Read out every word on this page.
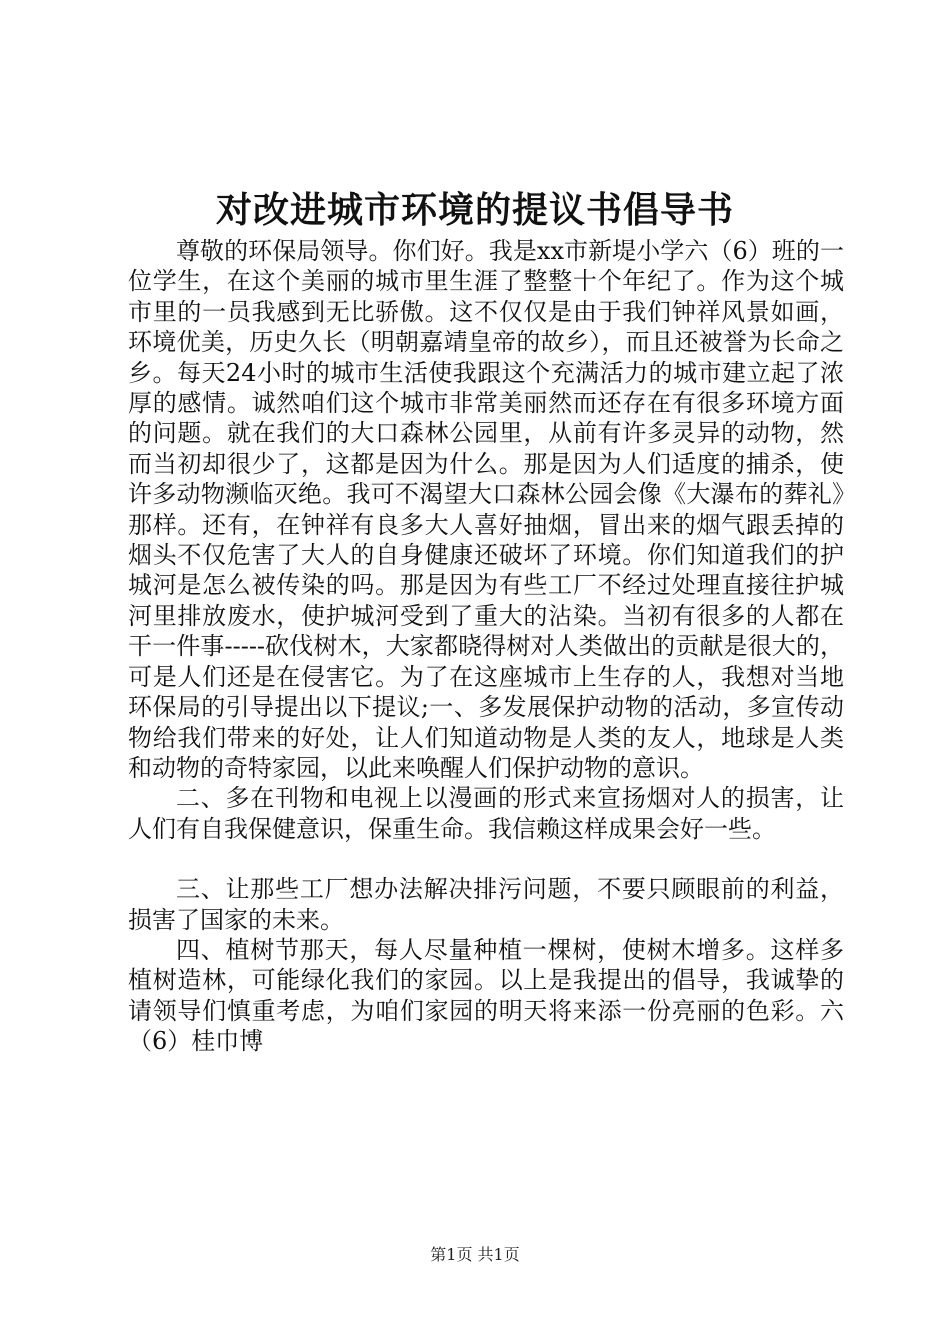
对改进城市环境的提议书倡导书

尊敬的环保局领导。你们好。我是xx市新堤小学六（6）班的一位学生，在这个美丽的城市里生涯了整整十个年纪了。作为这个城市里的一员我感到无比骄傲。这不仅仅是由于我们钟祥风景如画，环境优美，历史久长（明朝嘉靖皇帝的故乡），而且还被誉为长命之乡。每天24小时的城市生活使我跟这个充满活力的城市建立起了浓厚的感情。诚然咱们这个城市非常美丽然而还存在有很多环境方面的问题。就在我们的大口森林公园里，从前有许多灵异的动物，然而当初却很少了，这都是因为什么。那是因为人们适度的捕杀，使许多动物濒临灭绝。我可不渴望大口森林公园会像《大瀑布的葬礼》那样。还有，在钟祥有良多大人喜好抽烟，冒出来的烟气跟丢掉的烟头不仅危害了大人的自身健康还破坏了环境。你们知道我们的护城河是怎么被传染的吗。那是因为有些工厂不经过处理直接往护城河里排放废水，使护城河受到了重大的沾染。当初有很多的人都在干一件事-----砍伐树木，大家都晓得树对人类做出的贡献是很大的，可是人们还是在侵害它。为了在这座城市上生存的人，我想对当地环保局的引导提出以下提议;一、多发展保护动物的活动，多宣传动物给我们带来的好处，让人们知道动物是人类的友人，地球是人类和动物的奇特家园，以此来唤醒人们保护动物的意识。

二、多在刊物和电视上以漫画的形式来宣扬烟对人的损害，让人们有自我保健意识，保重生命。我信赖这样成果会好一些。

三、让那些工厂想办法解决排污问题，不要只顾眼前的利益，损害了国家的未来。

四、植树节那天，每人尽量种植一棵树，使树木增多。这样多植树造林，可能绿化我们的家园。以上是我提出的倡导，我诚挚的请领导们慎重考虑，为咱们家园的明天将来添一份亮丽的色彩。六（6）桂巾博

第1页 共1页
